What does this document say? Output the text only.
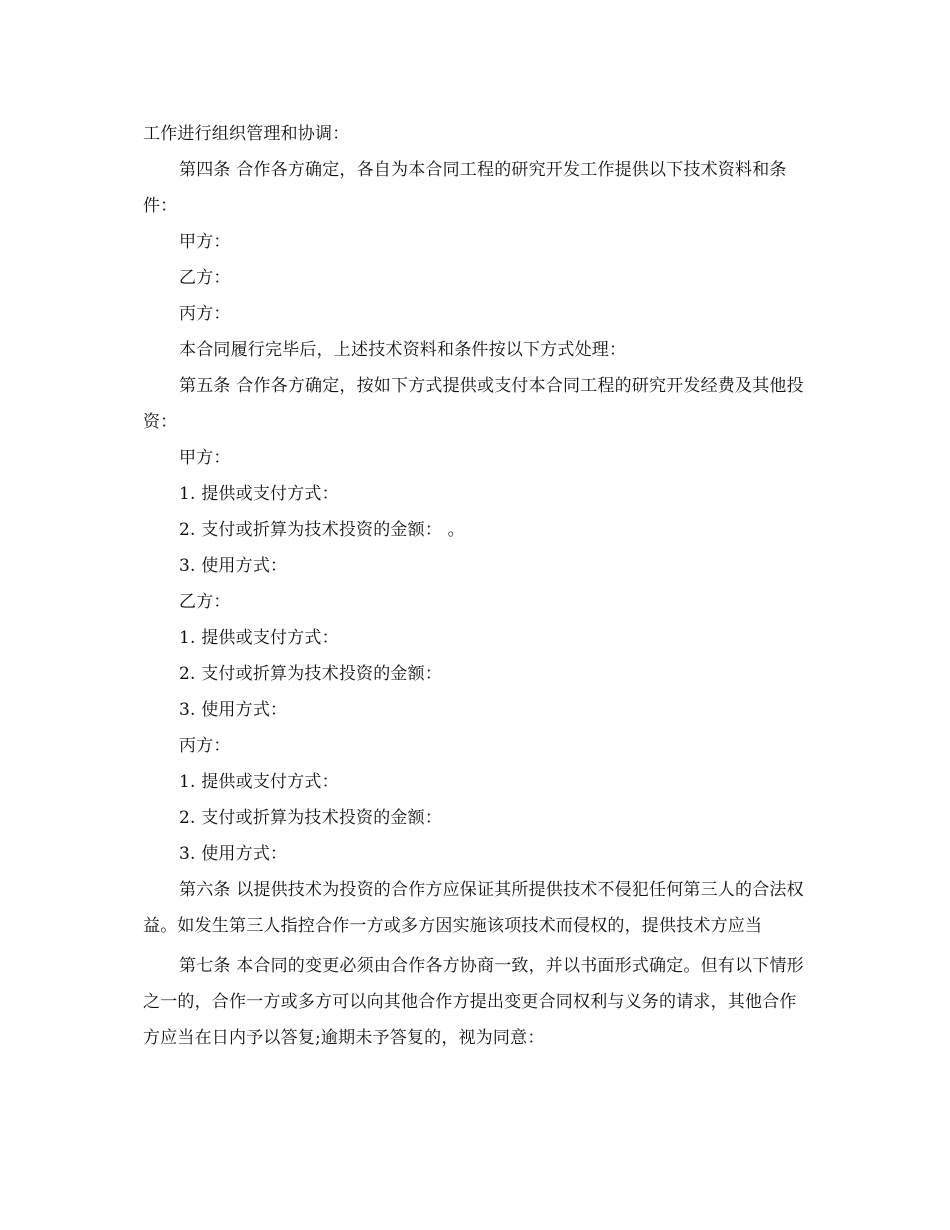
工作进行组织管理和协调：

第四条 合作各方确定，各自为本合同工程的研究开发工作提供以下技术资料和条件：

甲方：

乙方：

丙方：

本合同履行完毕后，上述技术资料和条件按以下方式处理：

第五条 合作各方确定，按如下方式提供或支付本合同工程的研究开发经费及其他投资：

甲方：

1. 提供或支付方式：

2. 支付或折算为技术投资的金额： 。

3. 使用方式：

乙方：

1. 提供或支付方式：

2. 支付或折算为技术投资的金额：

3. 使用方式：

丙方：

1. 提供或支付方式：

2. 支付或折算为技术投资的金额：

3. 使用方式：

第六条 以提供技术为投资的合作方应保证其所提供技术不侵犯任何第三人的合法权益。如发生第三人指控合作一方或多方因实施该项技术而侵权的，提供技术方应当

第七条 本合同的变更必须由合作各方协商一致，并以书面形式确定。但有以下情形之一的，合作一方或多方可以向其他合作方提出变更合同权利与义务的请求，其他合作方应当在日内予以答复;逾期未予答复的，视为同意：
